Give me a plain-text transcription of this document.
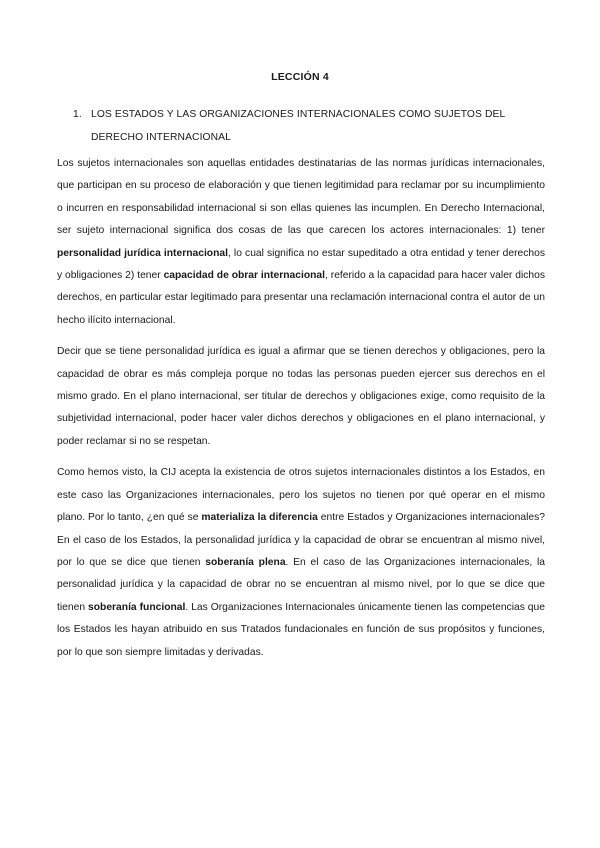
LECCIÓN 4
1. LOS ESTADOS Y LAS ORGANIZACIONES INTERNACIONALES COMO SUJETOS DEL DERECHO INTERNACIONAL

Los sujetos internacionales son aquellas entidades destinatarias de las normas jurídicas internacionales, que participan en su proceso de elaboración y que tienen legitimidad para reclamar por su incumplimiento o incurren en responsabilidad internacional si son ellas quienes las incumplen. En Derecho Internacional, ser sujeto internacional significa dos cosas de las que carecen los actores internacionales: 1) tener personalidad jurídica internacional, lo cual significa no estar supeditado a otra entidad y tener derechos y obligaciones 2) tener capacidad de obrar internacional, referido a la capacidad para hacer valer dichos derechos, en particular estar legitimado para presentar una reclamación internacional contra el autor de un hecho ilícito internacional.

Decir que se tiene personalidad jurídica es igual a afirmar que se tienen derechos y obligaciones, pero la capacidad de obrar es más compleja porque no todas las personas pueden ejercer sus derechos en el mismo grado. En el plano internacional, ser titular de derechos y obligaciones exige, como requisito de la subjetividad internacional, poder hacer valer dichos derechos y obligaciones en el plano internacional, y poder reclamar si no se respetan.

Como hemos visto, la CIJ acepta la existencia de otros sujetos internacionales distintos a los Estados, en este caso las Organizaciones internacionales, pero los sujetos no tienen por qué operar en el mismo plano. Por lo tanto, ¿en qué se materializa la diferencia entre Estados y Organizaciones internacionales? En el caso de los Estados, la personalidad jurídica y la capacidad de obrar se encuentran al mismo nivel, por lo que se dice que tienen soberanía plena. En el caso de las Organizaciones internacionales, la personalidad jurídica y la capacidad de obrar no se encuentran al mismo nivel, por lo que se dice que tienen soberanía funcional. Las Organizaciones Internacionales únicamente tienen las competencias que los Estados les hayan atribuido en sus Tratados fundacionales en función de sus propósitos y funciones, por lo que son siempre limitadas y derivadas.
